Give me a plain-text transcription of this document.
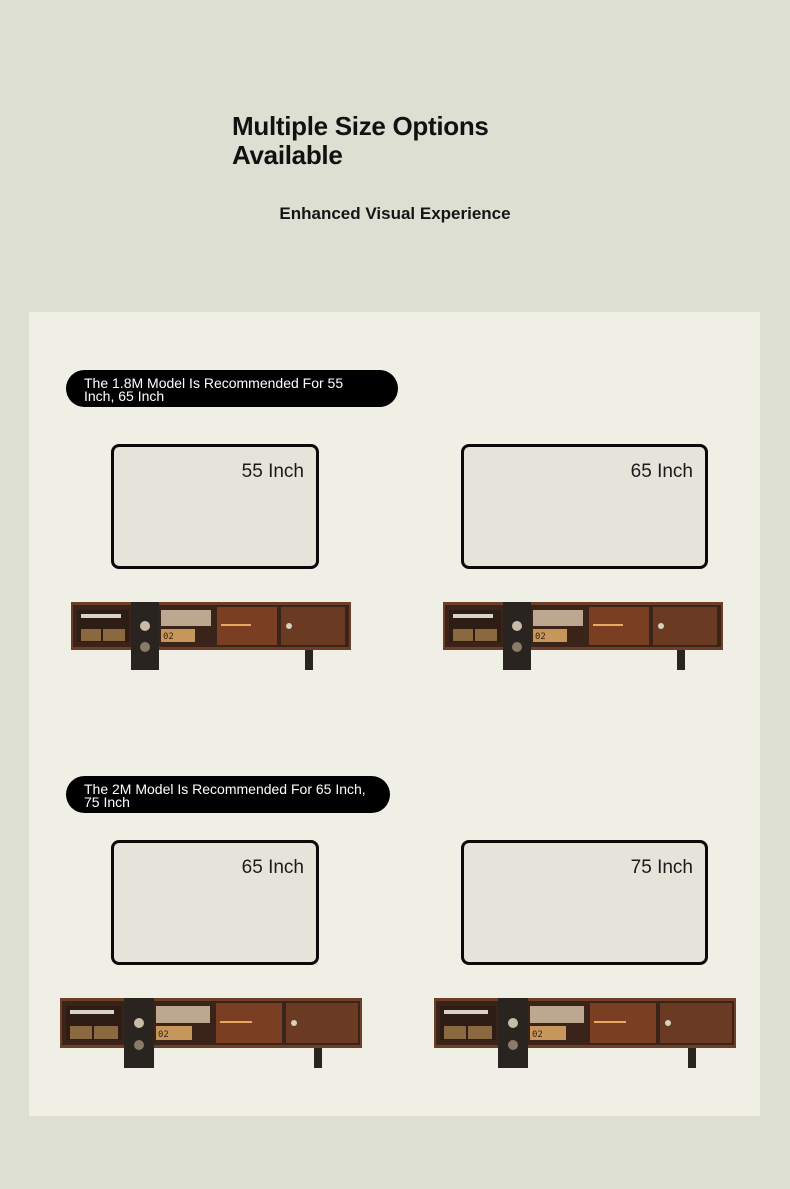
Multiple Size Options
Available

Enhanced Visual Experience

The 1.8M Model Is Recommended For 55 Inch, 65 Inch
55 Inch	65 Inch
02	02
The 2M Model Is Recommended For 65 Inch, 75 Inch
65 Inch	75 Inch
02	02
